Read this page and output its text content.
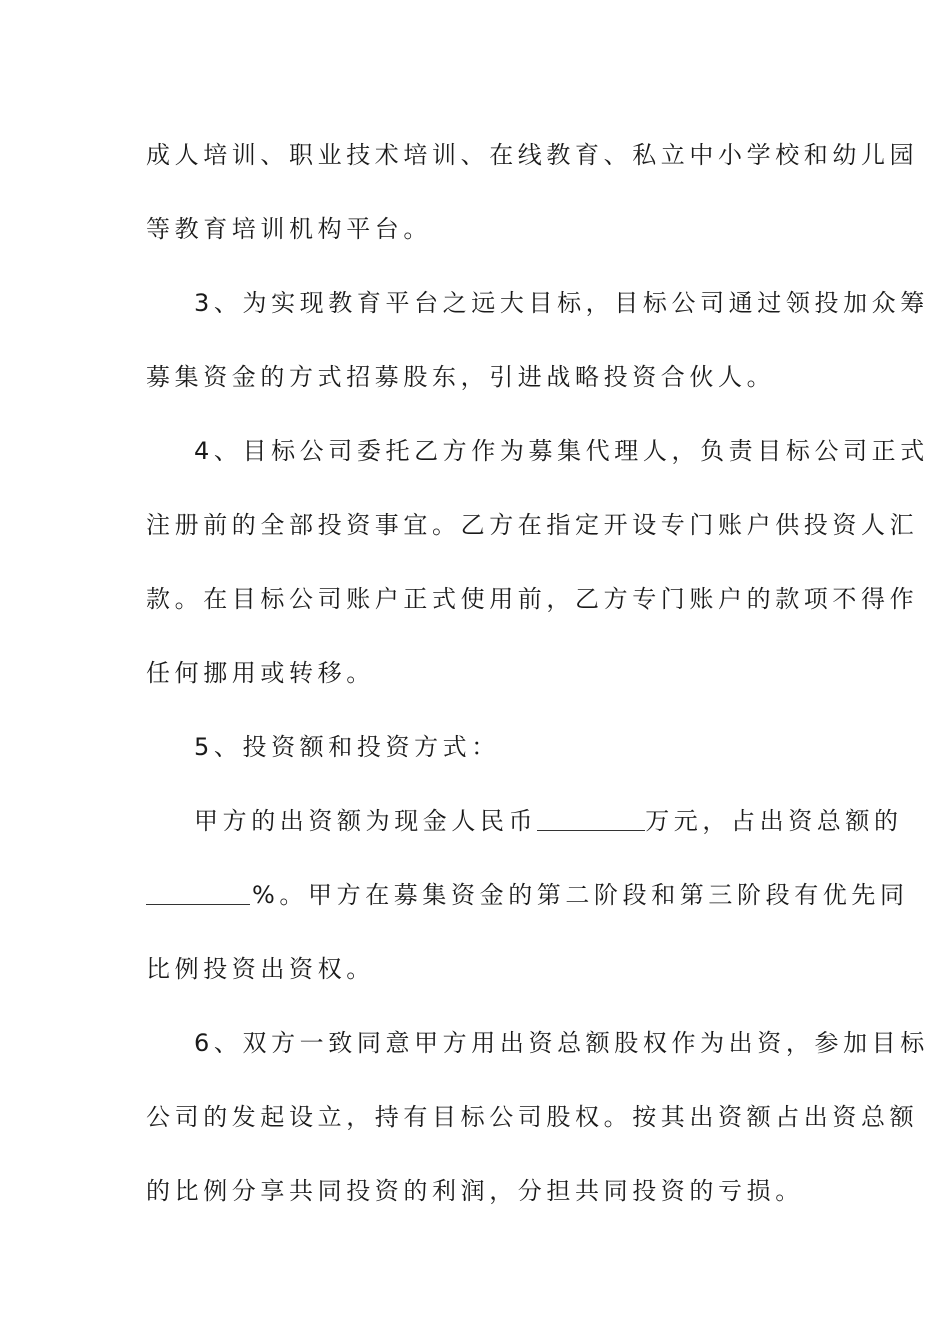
成人培训、职业技术培训、在线教育、私立中小学校和幼儿园
等教育培训机构平台。
3、为实现教育平台之远大目标，目标公司通过领投加众筹
募集资金的方式招募股东，引进战略投资合伙人。
4、目标公司委托乙方作为募集代理人，负责目标公司正式
注册前的全部投资事宜。乙方在指定开设专门账户供投资人汇
款。在目标公司账户正式使用前，乙方专门账户的款项不得作
任何挪用或转移。
5、投资额和投资方式：
甲方的出资额为现金人民币	万元，占出资总额的
%。甲方在募集资金的第二阶段和第三阶段有优先同
比例投资出资权。
6、双方一致同意甲方用出资总额股权作为出资，参加目标
公司的发起设立，持有目标公司股权。按其出资额占出资总额
的比例分享共同投资的利润，分担共同投资的亏损。
